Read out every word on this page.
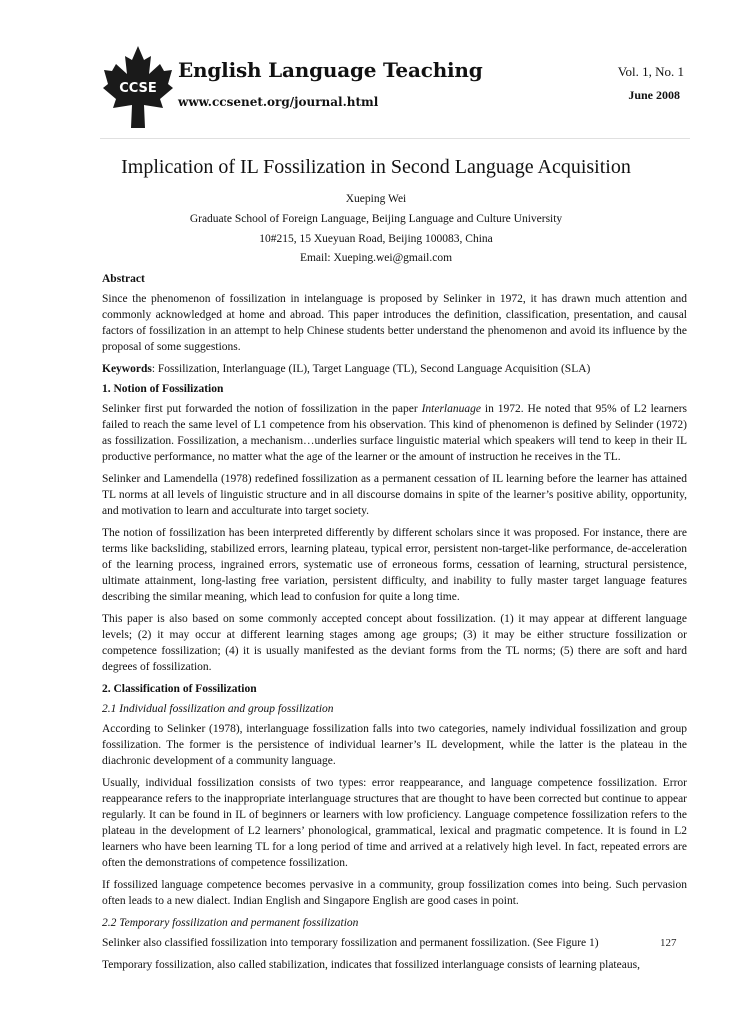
CCSE
English Language Teaching
www.ccsenet.org/journal.html
Vol. 1, No. 1
June 2008
Implication of IL Fossilization in Second Language Acquisition
Xueping Wei
Graduate School of Foreign Language, Beijing Language and Culture University
10#215, 15 Xueyuan Road, Beijing 100083, China
Email: Xueping.wei@gmail.com
Abstract

Since the phenomenon of fossilization in intelanguage is proposed by Selinker in 1972, it has drawn much attention and commonly acknowledged at home and abroad. This paper introduces the definition, classification, presentation, and causal factors of fossilization in an attempt to help Chinese students better understand the phenomenon and avoid its influence by the proposal of some suggestions.

Keywords: Fossilization, Interlanguage (IL), Target Language (TL), Second Language Acquisition (SLA)

1. Notion of Fossilization

Selinker first put forwarded the notion of fossilization in the paper Interlanuage in 1972. He noted that 95% of L2 learners failed to reach the same level of L1 competence from his observation. This kind of phenomenon is defined by Selinder (1972) as fossilization. Fossilization, a mechanism…underlies surface linguistic material which speakers will tend to keep in their IL productive performance, no matter what the age of the learner or the amount of instruction he receives in the TL.

Selinker and Lamendella (1978) redefined fossilization as a permanent cessation of IL learning before the learner has attained TL norms at all levels of linguistic structure and in all discourse domains in spite of the learner’s positive ability, opportunity, and motivation to learn and acculturate into target society.

The notion of fossilization has been interpreted differently by different scholars since it was proposed. For instance, there are terms like backsliding, stabilized errors, learning plateau, typical error, persistent non-target-like performance, de-acceleration of the learning process, ingrained errors, systematic use of erroneous forms, cessation of learning, structural persistence, ultimate attainment, long-lasting free variation, persistent difficulty, and inability to fully master target language features describing the similar meaning, which lead to confusion for quite a long time.

This paper is also based on some commonly accepted concept about fossilization. (1) it may appear at different language levels; (2) it may occur at different learning stages among age groups; (3) it may be either structure fossilization or competence fossilization; (4) it is usually manifested as the deviant forms from the TL norms; (5) there are soft and hard degrees of fossilization.

2. Classification of Fossilization
2.1 Individual fossilization and group fossilization

According to Selinker (1978), interlanguage fossilization falls into two categories, namely individual fossilization and group fossilization. The former is the persistence of individual learner’s IL development, while the latter is the plateau in the diachronic development of a community language.

Usually, individual fossilization consists of two types: error reappearance, and language competence fossilization. Error reappearance refers to the inappropriate interlanguage structures that are thought to have been corrected but continue to appear regularly. It can be found in IL of beginners or learners with low proficiency. Language competence fossilization refers to the plateau in the development of L2 learners’ phonological, grammatical, lexical and pragmatic competence. It is found in L2 learners who have been learning TL for a long period of time and arrived at a relatively high level. In fact, repeated errors are often the demonstrations of competence fossilization.

If fossilized language competence becomes pervasive in a community, group fossilization comes into being. Such pervasion often leads to a new dialect. Indian English and Singapore English are good cases in point.

2.2 Temporary fossilization and permanent fossilization

Selinker also classified fossilization into temporary fossilization and permanent fossilization. (See Figure 1)

Temporary fossilization, also called stabilization, indicates that fossilized interlanguage consists of learning plateaus,

127
